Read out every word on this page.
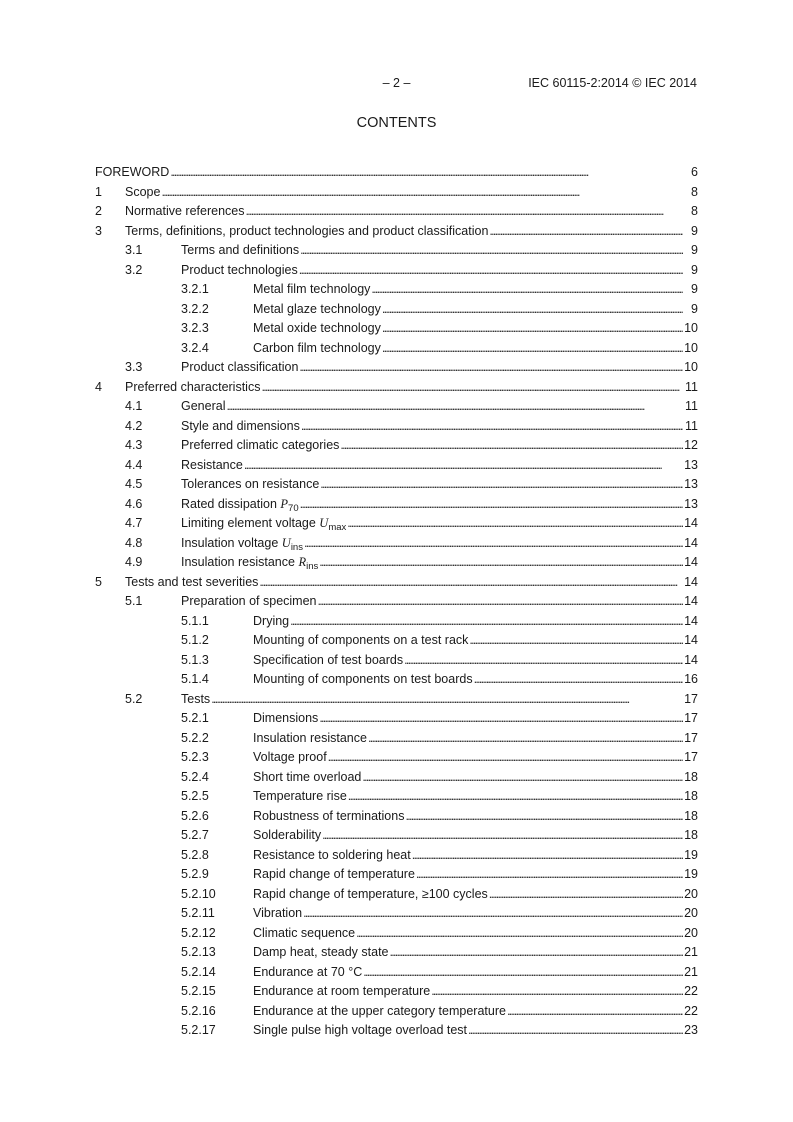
– 2 –	IEC 60115-2:2014 © IEC 2014
CONTENTS
FOREWORD . . .	6
1 Scope . . .	8
2 Normative references . . .	8
3 Terms, definitions, product technologies and product classification . . .	9
3.1	Terms and definitions . . .	9
3.2	Product technologies . . .	9
3.2.1	Metal film technology . . .	9
3.2.2	Metal glaze technology . . .	9
3.2.3	Metal oxide technology . . .	10
3.2.4	Carbon film technology . . .	10
3.3	Product classification . . .	10
4 Preferred characteristics . . .	11
4.1	General . . .	11
4.2	Style and dimensions . . .	11
4.3	Preferred climatic categories . . .	12
4.4	Resistance . . .	13
4.5	Tolerances on resistance . . .	13
4.6	Rated dissipation $P_{70}$ . . .	13
4.7	Limiting element voltage $U_{max}$ . . .	14
4.8	Insulation voltage $U_{ins}$ . . .	14
4.9	Insulation resistance $R_{ins}$ . . .	14
5 Tests and test severities . . .	14
5.1	Preparation of specimen . . .	14
5.1.1	Drying . . .	14
5.1.2	Mounting of components on a test rack . . .	14
5.1.3	Specification of test boards . . .	14
5.1.4	Mounting of components on test boards . . .	16
5.2	Tests . . .	17
5.2.1	Dimensions . . .	17
5.2.2	Insulation resistance . . .	17
5.2.3	Voltage proof . . .	17
5.2.4	Short time overload . . .	18
5.2.5	Temperature rise . . .	18
5.2.6	Robustness of terminations . . .	18
5.2.7	Solderability . . .	18
5.2.8	Resistance to soldering heat . . .	19
5.2.9	Rapid change of temperature . . .	19
5.2.10	Rapid change of temperature, ≥100 cycles . . .	20
5.2.11	Vibration . . .	20
5.2.12	Climatic sequence . . .	20
5.2.13	Damp heat, steady state . . .	21
5.2.14	Endurance at 70 °C . . .	21
5.2.15	Endurance at room temperature . . .	22
5.2.16	Endurance at the upper category temperature . . .	22
5.2.17	Single pulse high voltage overload test . . .	23
